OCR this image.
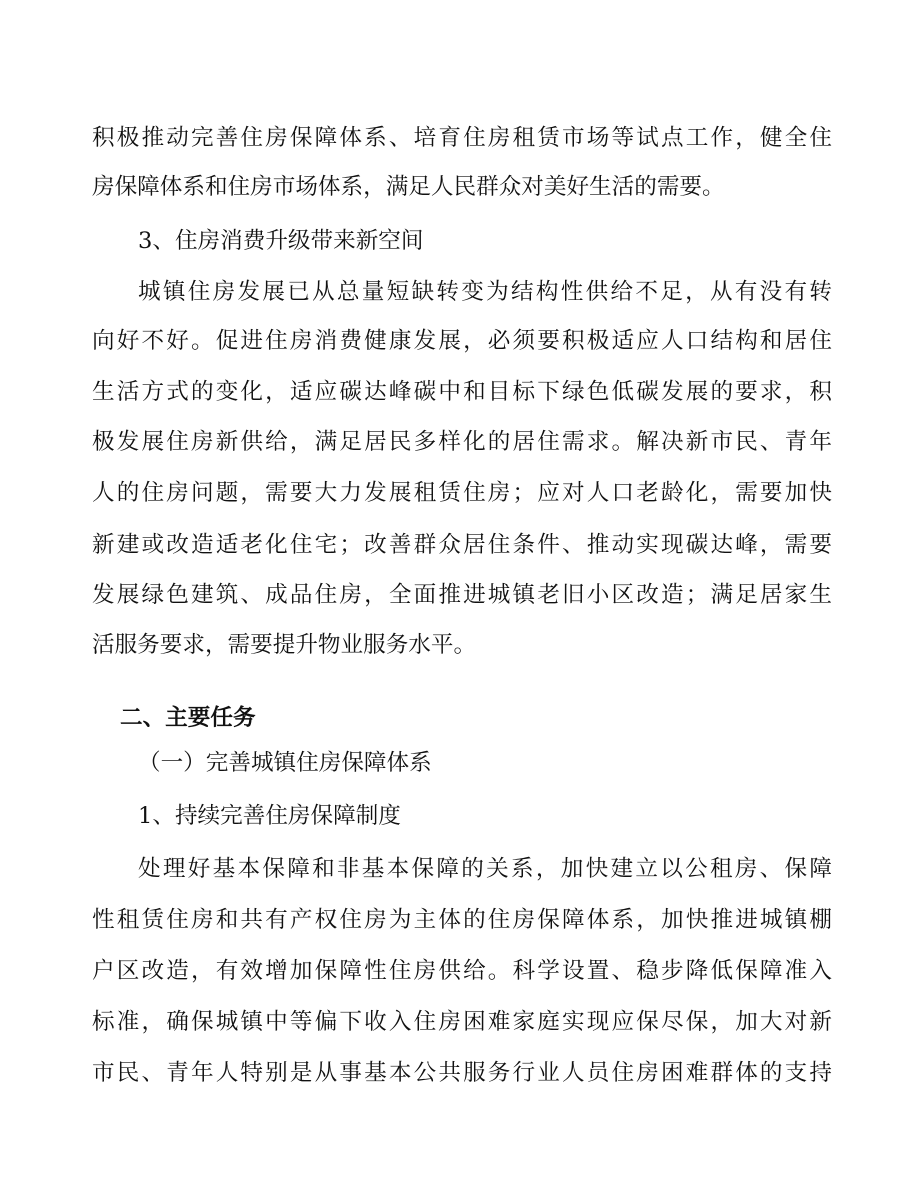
积极推动完善住房保障体系、培育住房租赁市场等试点工作，健全住
房保障体系和住房市场体系，满足人民群众对美好生活的需要。
3、住房消费升级带来新空间
城镇住房发展已从总量短缺转变为结构性供给不足，从有没有转
向好不好。促进住房消费健康发展，必须要积极适应人口结构和居住
生活方式的变化，适应碳达峰碳中和目标下绿色低碳发展的要求，积
极发展住房新供给，满足居民多样化的居住需求。解决新市民、青年
人的住房问题，需要大力发展租赁住房；应对人口老龄化，需要加快
新建或改造适老化住宅；改善群众居住条件、推动实现碳达峰，需要
发展绿色建筑、成品住房，全面推进城镇老旧小区改造；满足居家生
活服务要求，需要提升物业服务水平。
二、主要任务
（一）完善城镇住房保障体系
1、持续完善住房保障制度
处理好基本保障和非基本保障的关系，加快建立以公租房、保障
性租赁住房和共有产权住房为主体的住房保障体系，加快推进城镇棚
户区改造，有效增加保障性住房供给。科学设置、稳步降低保障准入
标准，确保城镇中等偏下收入住房困难家庭实现应保尽保，加大对新
市民、青年人特别是从事基本公共服务行业人员住房困难群体的支持
